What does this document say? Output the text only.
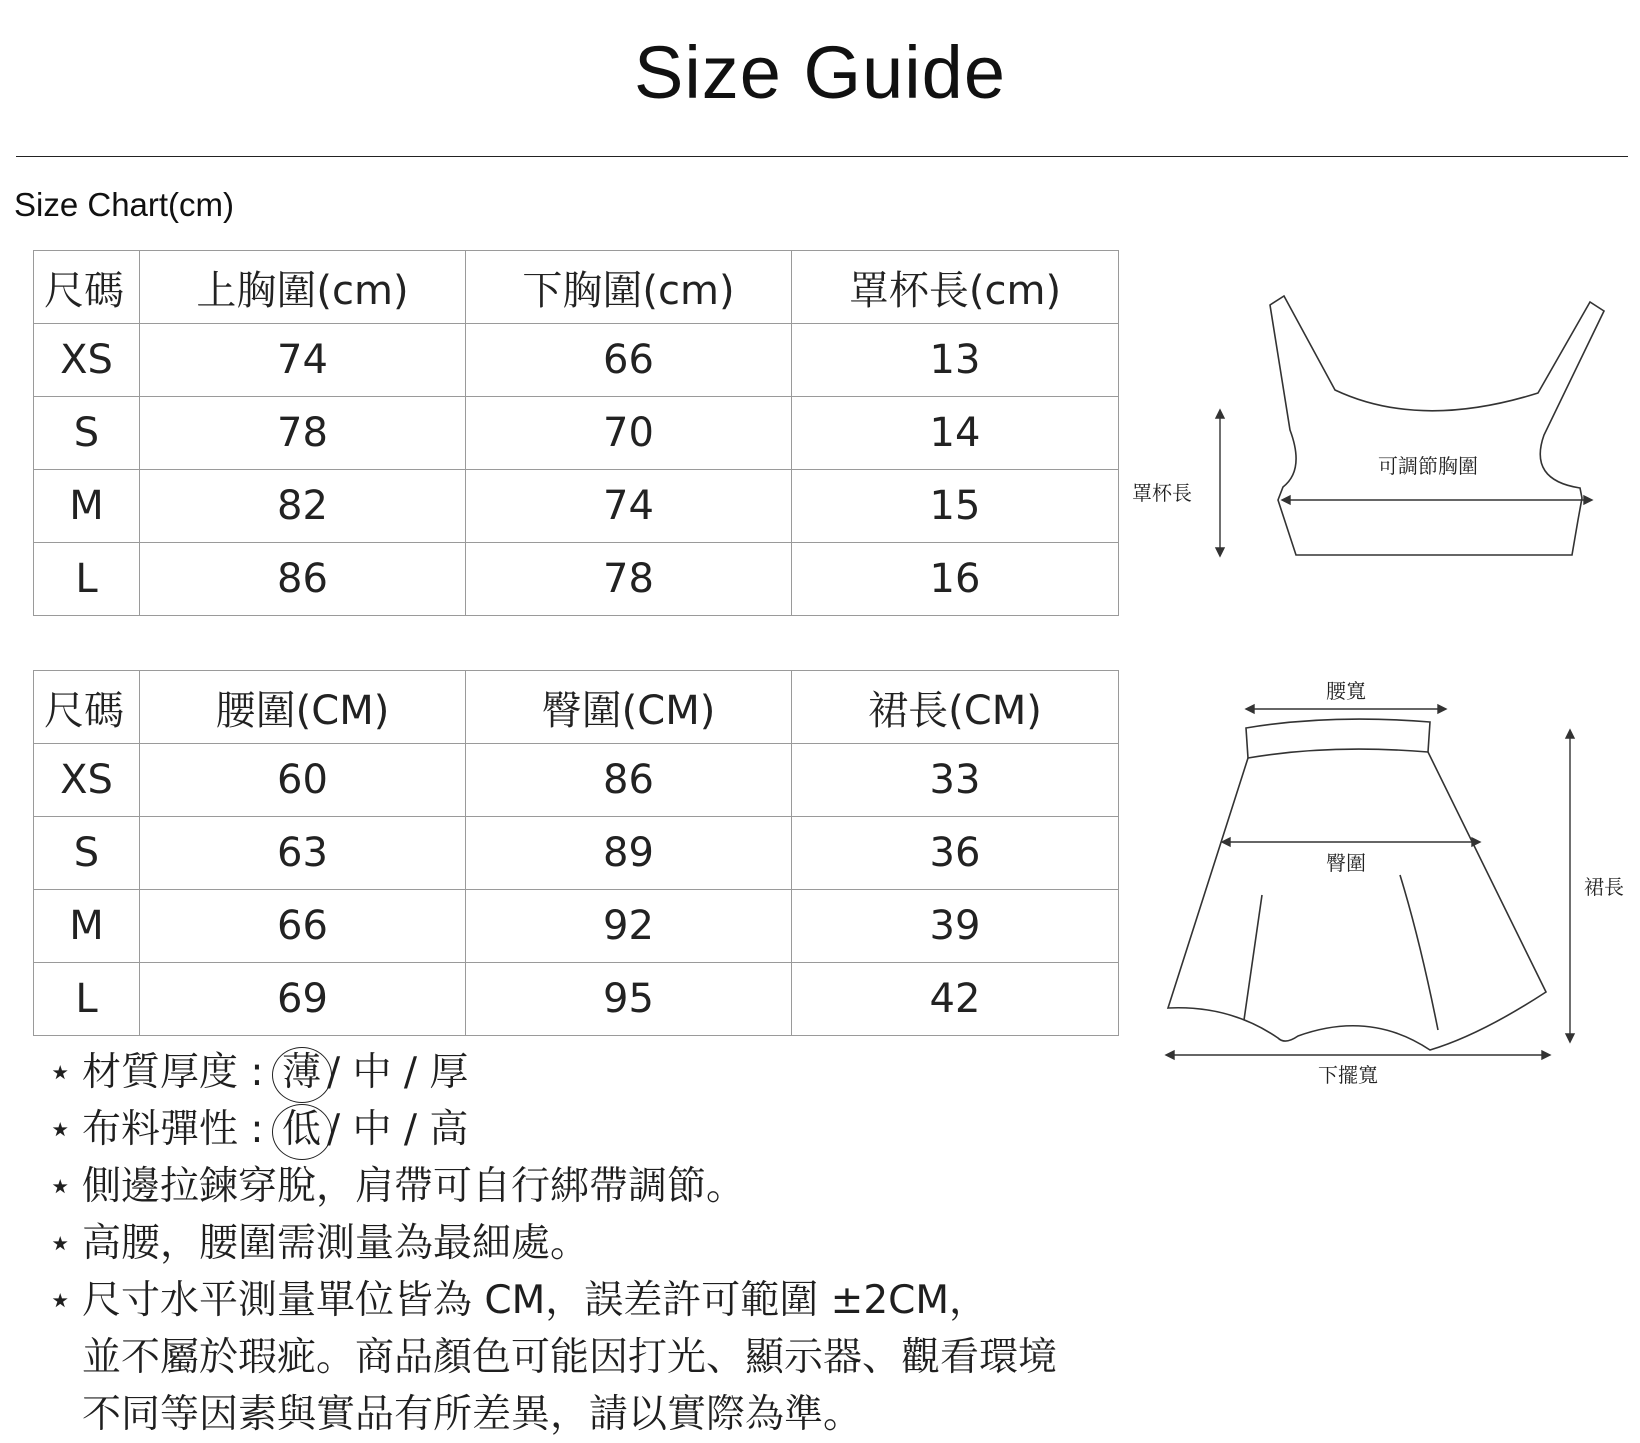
Size Guide
Size Chart(cm)
尺碼	上胸圍(cm)	下胸圍(cm)	罩杯長(cm)
XS	74	66	13
S	78	70	14
M	82	74	15
L	86	78	16
尺碼	腰圍(CM)	臀圍(CM)	裙長(CM)
XS	60	86	33
S	63	89	36
M	66	92	39
L	69	95	42
罩杯長
可調節胸圍
腰寬
臀圍
裙長
下擺寬
⋆ 材質厚度 : 薄 / 中 / 厚
⋆ 布料彈性 : 低 / 中 / 高
⋆ 側邊拉鍊穿脫，肩帶可自行綁帶調節。
⋆ 高腰，腰圍需測量為最細處。
⋆ 尺寸水平測量單位皆為 CM，誤差許可範圍 ±2CM，
並不屬於瑕疵。商品顏色可能因打光、顯示器、觀看環境
不同等因素與實品有所差異，請以實際為準。
